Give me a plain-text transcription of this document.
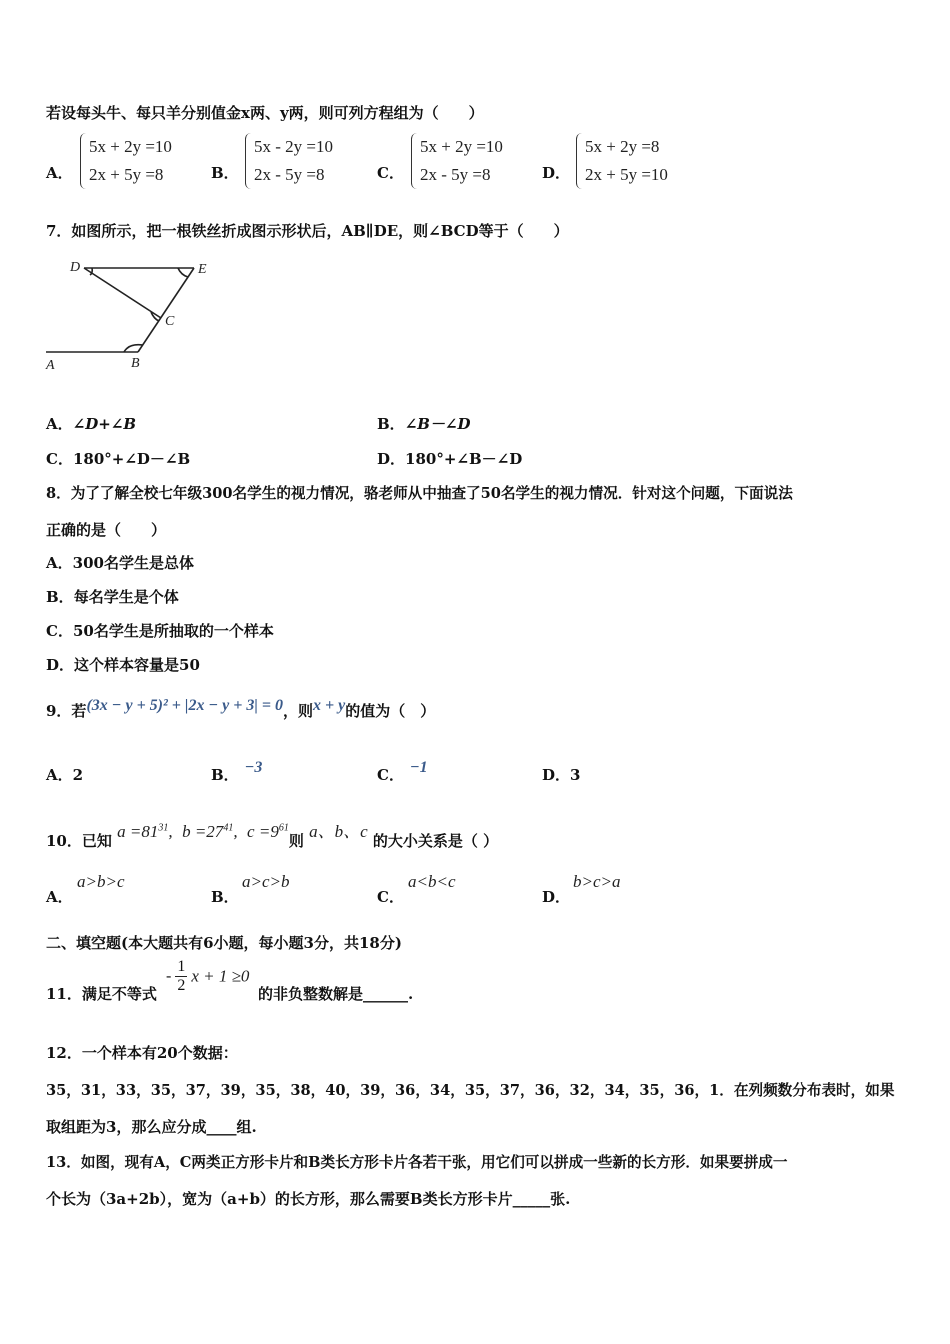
若设每头牛、每只羊分别值金x两、y两，则可列方程组为（　　）
A．
5x + 2y =10
2x + 5y =8	B．
5x - 2y =10
2x - 5y =8	C．
5x + 2y =10
2x - 5y =8	D．
5x + 2y =8
2x + 5y =10
7．如图所示，把一根铁丝折成图示形状后，AB∥DE，则∠BCD等于（　　）
D	E
C
A	B
A．∠D+∠B	B．∠B－∠D
C．180°+∠D－∠B	D．180°+∠B－∠D
8．为了了解全校七年级300名学生的视力情况，骆老师从中抽查了50名学生的视力情况．针对这个问题，下面说法
正确的是（　　）
A．300名学生是总体
B．每名学生是个体
C．50名学生是所抽取的一个样本
D．这个样本容量是50
9．若(3x − y + 5)² + |2x − y + 3| = 0，则x + y的值为（　）
A．2	B． −3	C． −1	D．3
10．已知 $a =81^{31}$,  $b =27^{41}$,  $c =9^{61}$则 a、b、c 的大小关系是（ ）
A．
a>b>c
B．
a>c>b
C．
a<b<c
D．
b>c>a
二、填空题(本大题共有6小题，每小题3分，共18分)
11．满足不等式
- $\frac{1}{2}$ x + 1 ≥0
的非负整数解是______.
12．一个样本有20个数据：
35，31，33，35，37，39，35，38，40，39，36，34，35，37，36，32，34，35，36，1．在列频数分布表时，如果
取组距为3，那么应分成____组.
13．如图，现有A，C两类正方形卡片和B类长方形卡片各若干张，用它们可以拼成一些新的长方形．如果要拼成一
个长为（3a+2b），宽为（a+b）的长方形，那么需要B类长方形卡片_____张.
